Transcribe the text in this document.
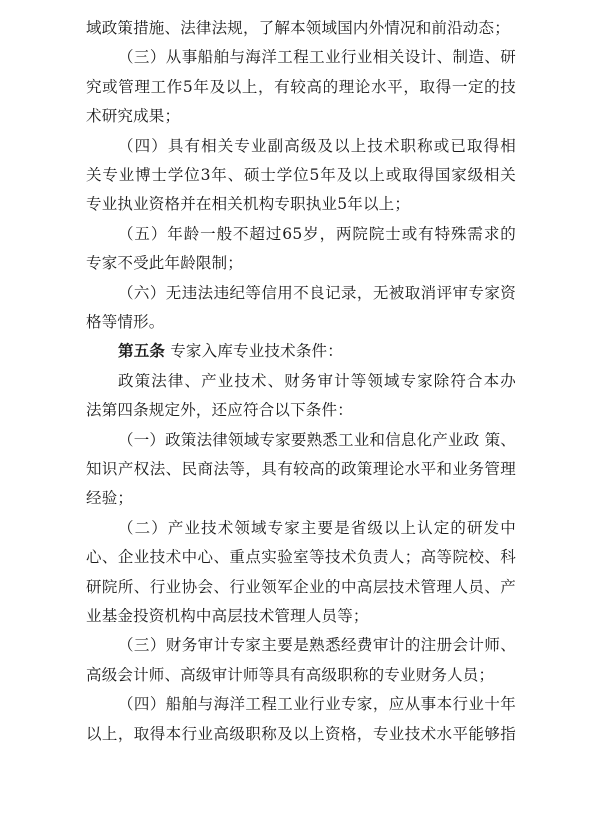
域政策措施、法律法规，了解本领域国内外情况和前沿动态；
（三）从事船舶与海洋工程工业行业相关设计、制造、研
究或管理工作5年及以上，有较高的理论水平，取得一定的技
术研究成果；
（四）具有相关专业副高级及以上技术职称或已取得相
关专业博士学位3年、硕士学位5年及以上或取得国家级相关
专业执业资格并在相关机构专职执业5年以上；
（五）年龄一般不超过65岁，两院院士或有特殊需求的
专家不受此年龄限制；
（六）无违法违纪等信用不良记录，无被取消评审专家资
格等情形。
第五条 专家入库专业技术条件：
政策法律、产业技术、财务审计等领域专家除符合本办
法第四条规定外，还应符合以下条件：
（一）政策法律领域专家要熟悉工业和信息化产业政 策、
知识产权法、民商法等，具有较高的政策理论水平和业务管理
经验；
（二）产业技术领域专家主要是省级以上认定的研发中
心、企业技术中心、重点实验室等技术负责人；高等院校、科
研院所、行业协会、行业领军企业的中高层技术管理人员、产
业基金投资机构中高层技术管理人员等；
（三）财务审计专家主要是熟悉经费审计的注册会计师、
高级会计师、高级审计师等具有高级职称的专业财务人员；
（四）船舶与海洋工程工业行业专家，应从事本行业十年
以上，取得本行业高级职称及以上资格，专业技术水平能够指
